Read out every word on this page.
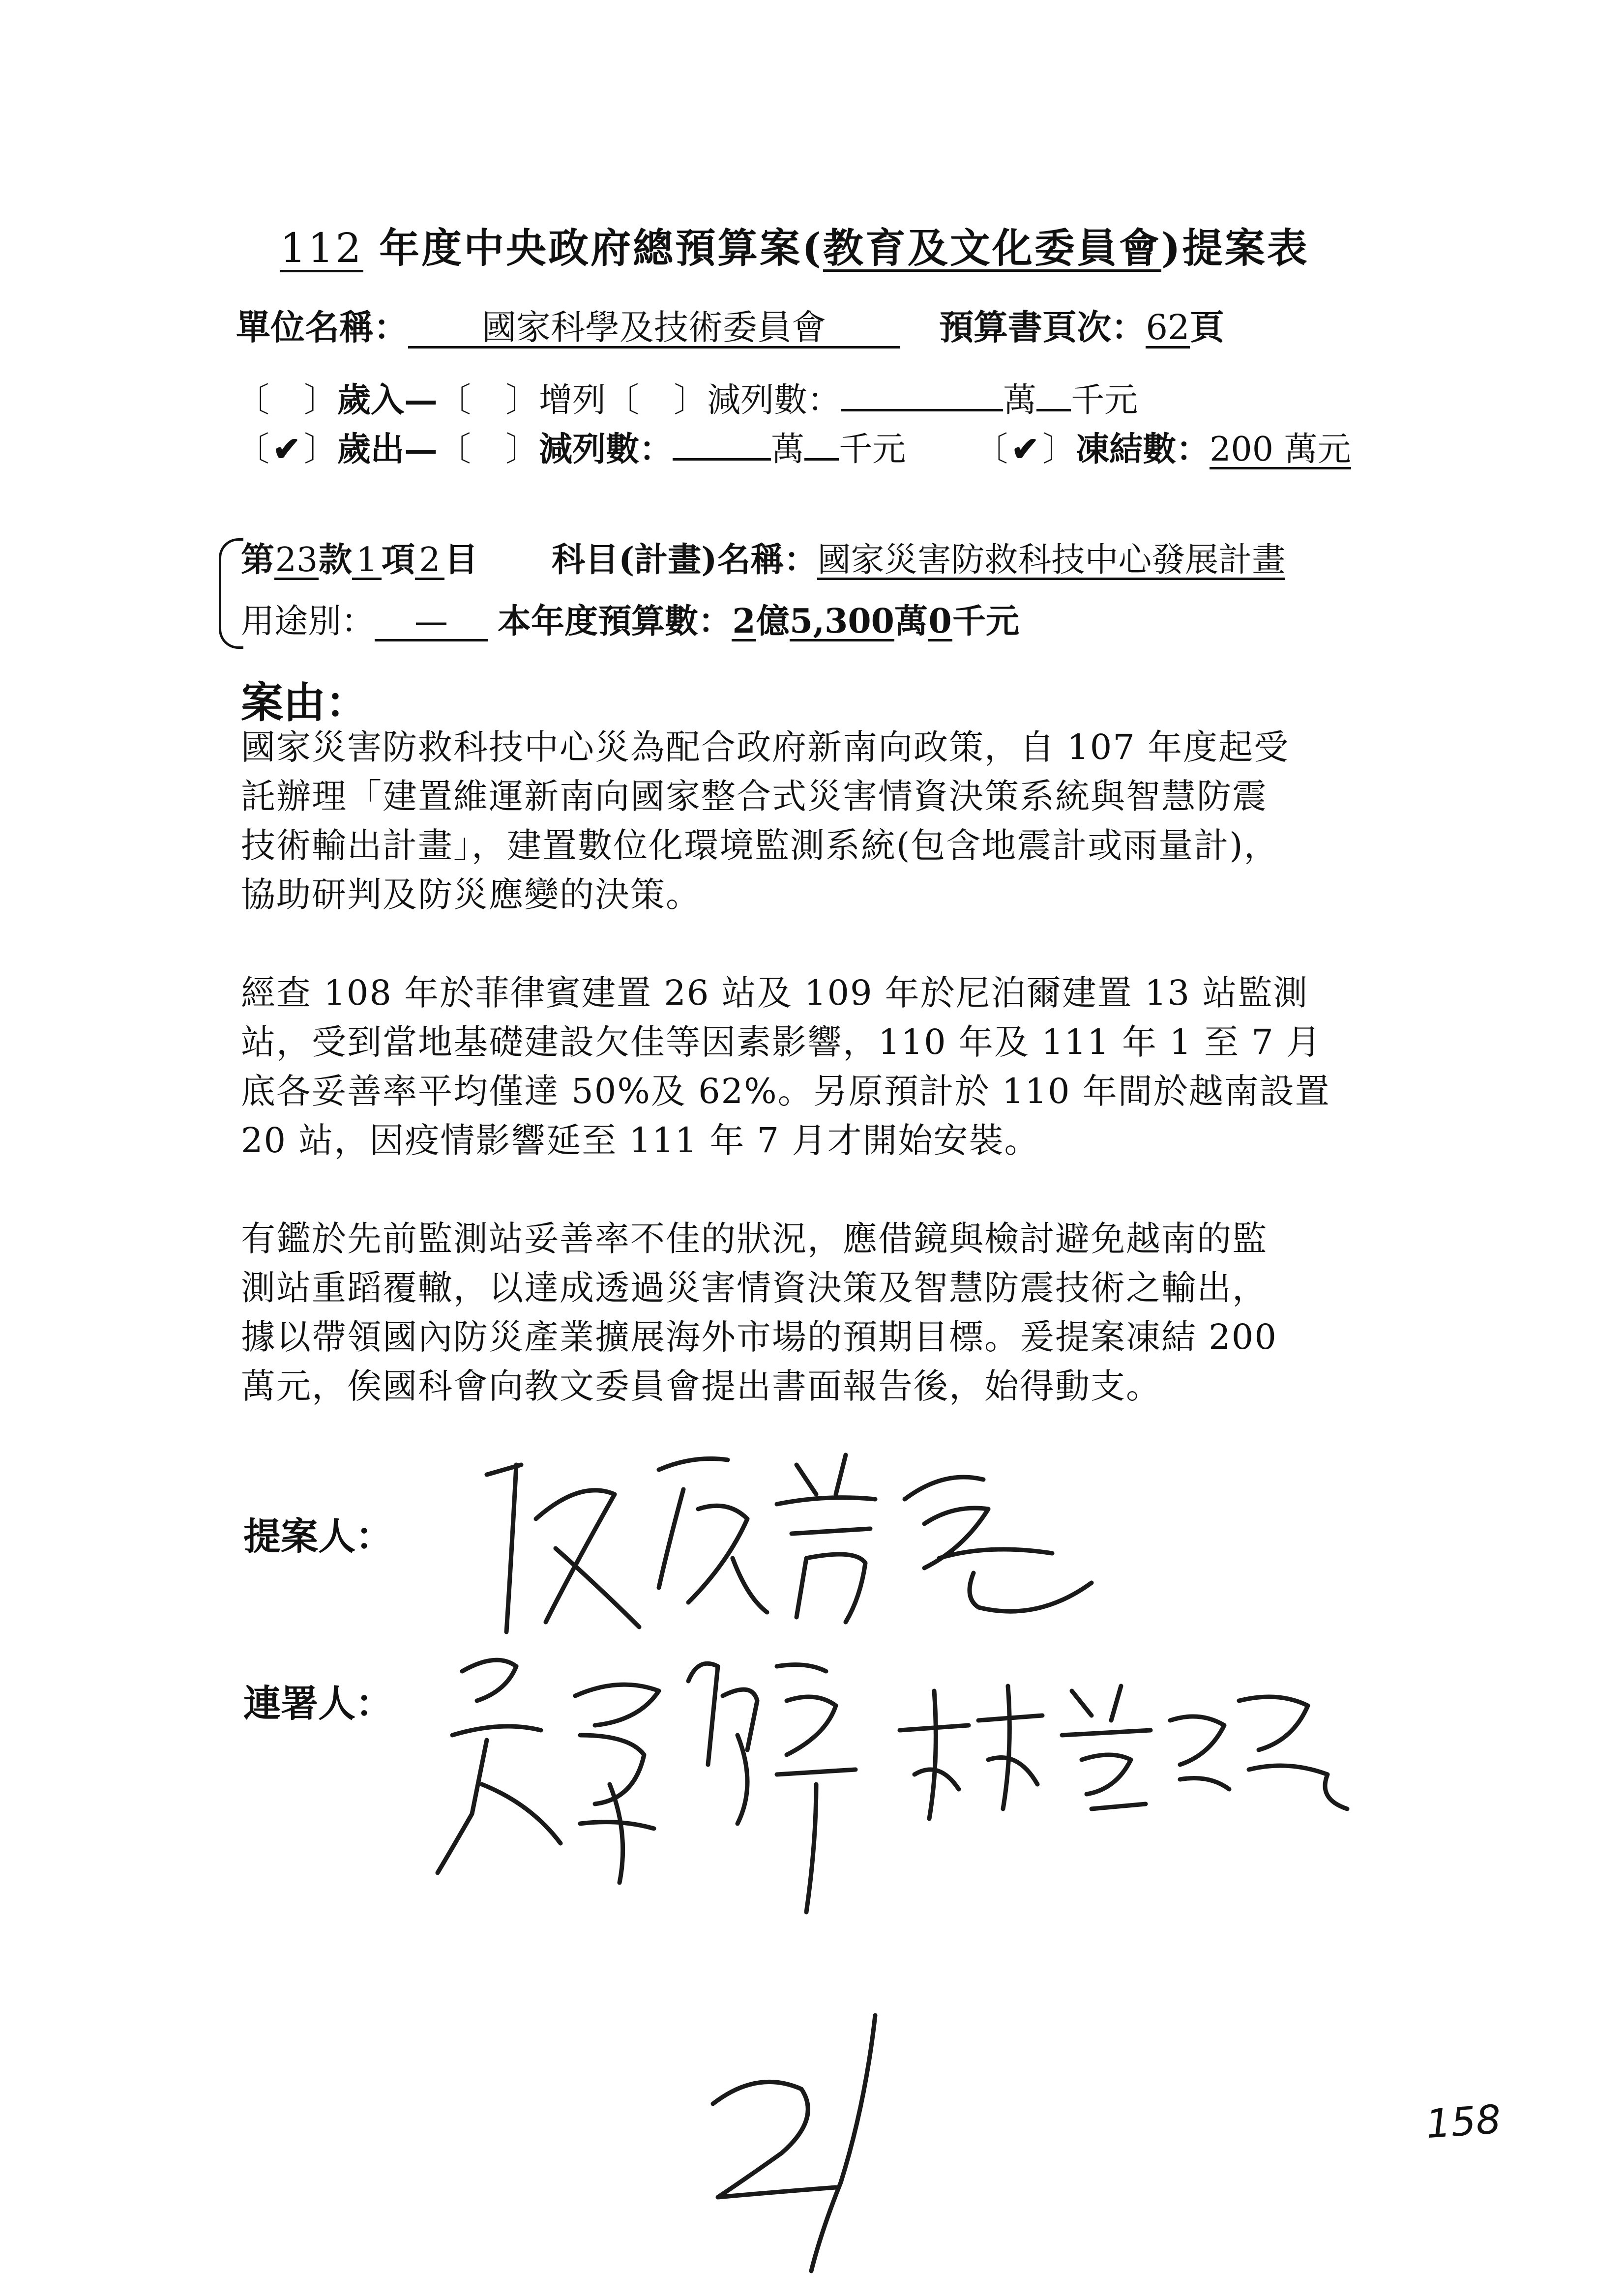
112 年度中央政府總預算案(教育及文化委員會)提案表
單位名稱： 國家科學及技術委員會	預算書頁次：62頁
〔 〕歲入—〔 〕增列〔 〕減列數：	萬 千元
〔✔〕歲出—〔 〕減列數：	萬 千元 〔✔〕凍結數：200 萬元
第23款 1 項 2 目 科目(計畫)名稱：國家災害防救科技中心發展計畫
用途別： — 本年度預算數：2億5,300萬0千元
案由：
國家災害防救科技中心災為配合政府新南向政策，自 107 年度起受
託辦理「建置維運新南向國家整合式災害情資決策系統與智慧防震
技術輸出計畫」，建置數位化環境監測系統(包含地震計或雨量計)，
協助研判及防災應變的決策。
經查 108 年於菲律賓建置 26 站及 109 年於尼泊爾建置 13 站監測
站，受到當地基礎建設欠佳等因素影響，110 年及 111 年 1 至 7 月
底各妥善率平均僅達 50%及 62%。另原預計於 110 年間於越南設置
20 站，因疫情影響延至 111 年 7 月才開始安裝。
有鑑於先前監測站妥善率不佳的狀況，應借鏡與檢討避免越南的監
測站重蹈覆轍，以達成透過災害情資決策及智慧防震技術之輸出，
據以帶領國內防災產業擴展海外市場的預期目標。爰提案凍結 200
萬元，俟國科會向教文委員會提出書面報告後，始得動支。
提案人：
連署人：
158
